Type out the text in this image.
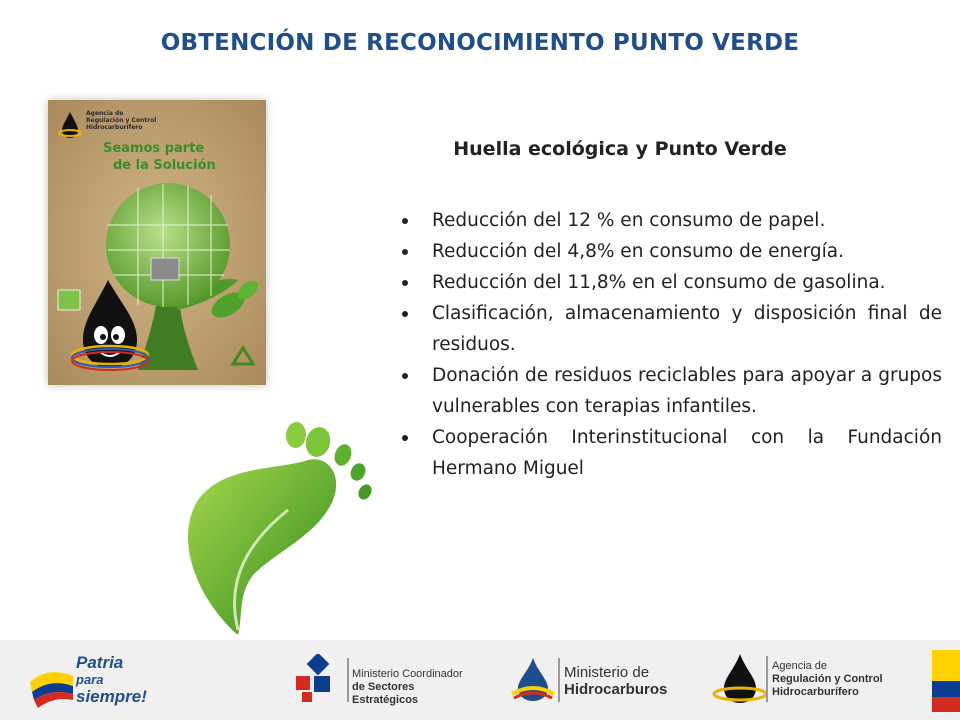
OBTENCIÓN DE RECONOCIMIENTO PUNTO VERDE
Agencia de
Regulación y Control
Hidrocarburífero
Seamos parte
de la Solución
Huella ecológica y Punto Verde
Reducción del 12 % en consumo de papel.
Reducción del 4,8% en consumo de energía.
Reducción del 11,8% en el consumo de gasolina.
Clasificación, almacenamiento y disposición final de residuos.
Donación de residuos reciclables para apoyar a grupos vulnerables con terapias infantiles.
Cooperación Interinstitucional con la Fundación Hermano Miguel
Patria
para
siempre!
Ministerio Coordinador
de Sectores Estratégicos
Ministerio de
Hidrocarburos
Agencia de
Regulación y Control
Hidrocarburífero
